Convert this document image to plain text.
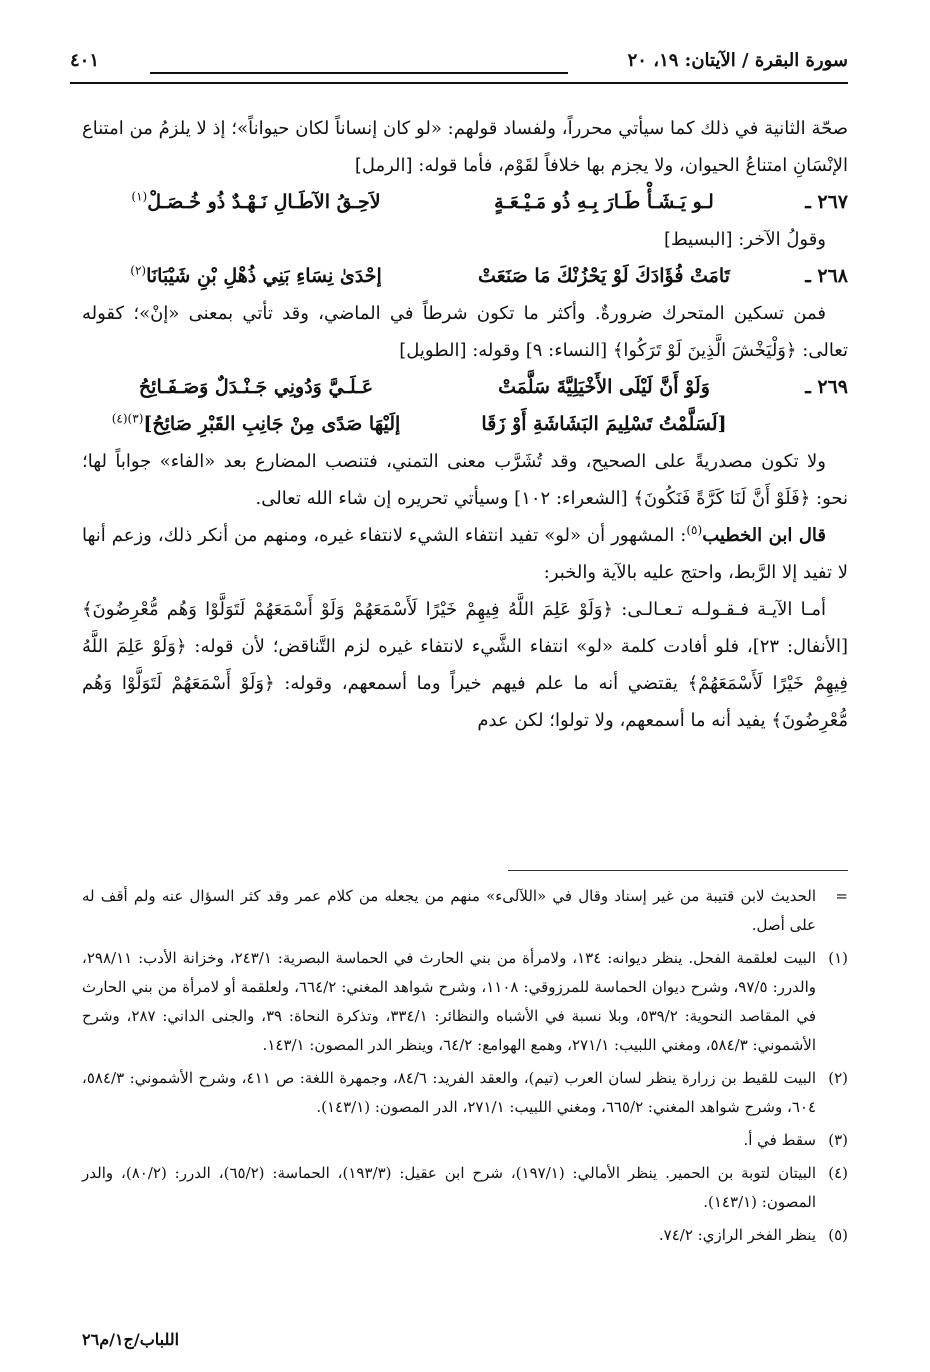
سورة البقرة / الآيتان: ١٩، ٢٠
٤٠١

صحّة الثانية في ذلك كما سيأتي محرراً، ولفساد قولهم: «لو كان إنساناً لكان حيواناً»؛ إذ لا يلزمُ من امتناع الإنْسَانِ امتناعُ الحيوان، ولا يجزم بها خلافاً لقَوْم، فأما قوله: [الرمل]

٢٦٧ ـ
لـو يَـشَـأْ طَـارَ بِـهِ ذُو مَـيْـعَـةٍ
لاَحِـقُ الآطَـالِ نَـهْـدٌ ذُو خُـصَـلْ$^{(١)}$

وقولُ الآخر: [البسيط]

٢٦٨ ـ
تَامَتْ فُؤَادَكَ لَوْ يَحْزُنْكَ مَا صَنَعَتْ
إحْدَىٰ نِسَاءِ بَنِي ذُهْلِ بْنِ شَيْبَانَا$^{(٢)}$

فمن تسكين المتحرك ضرورةٌ. وأكثر ما تكون شرطاً في الماضي، وقد تأتي بمعنى «إنْ»؛ كقوله تعالى: ﴿وَلْيَخْشَ الَّذِينَ لَوْ تَرَكُوا﴾ [النساء: ٩] وقوله: [الطويل]

٢٦٩ ـ
وَلَوْ أَنَّ لَيْلَى الأَخْيَلِيَّةَ سَلَّمَتْ
عَـلَـيَّ وَدُونِي جَـنْـدَلٌ وَصَـفَـائِحُ
[لَسَلَّمْتُ تَسْلِيمَ البَشَاشَةِ أَوْ زَقَا
إلَيْهَا صَدًى مِنْ جَانِبِ القَبْرِ صَائِحُ]$^{(٣)(٤)}$

ولا تكون مصدريةً على الصحيح، وقد تُشَرَّب معنى التمني، فتنصب المضارع بعد «الفاء» جواباً لها؛ نحو: ﴿فَلَوْ أَنَّ لَنَا كَرَّةً فَنَكُونَ﴾ [الشعراء: ١٠٢] وسيأتي تحريره إن شاء الله تعالى.

قال ابن الخطيب$^{(٥)}$: المشهور أن «لو» تفيد انتفاء الشيء لانتفاء غيره، ومنهم من أنكر ذلك، وزعم أنها لا تفيد إلا الرَّبط، واحتج عليه بالآية والخبر:

أمـا الآيـة فـقـولـه تـعـالـى: ﴿وَلَوْ عَلِمَ اللَّهُ فِيهِمْ خَيْرًا لَأَسْمَعَهُمْ وَلَوْ أَسْمَعَهُمْ لَتَوَلَّوْا وَهُم مُّعْرِضُونَ﴾ [الأنفال: ٢٣]، فلو أفادت كلمة «لو» انتفاء الشَّيء لانتفاء غيره لزم التَّناقض؛ لأن قوله: ﴿وَلَوْ عَلِمَ اللَّهُ فِيهِمْ خَيْرًا لَأَسْمَعَهُمْ﴾ يقتضي أنه ما علم فيهم خيراً وما أسمعهم، وقوله: ﴿وَلَوْ أَسْمَعَهُمْ لَتَوَلَّوْا وَهُم مُّعْرِضُونَ﴾ يفيد أنه ما أسمعهم، ولا تولوا؛ لكن عدم

=
الحديث لابن قتيبة من غير إسناد وقال في «اللآلىء» منهم من يجعله من كلام عمر وقد كثر السؤال عنه ولم أقف له على أصل.
(١)
البيت لعلقمة الفحل. ينظر ديوانه: ١٣٤، ولامرأة من بني الحارث في الحماسة البصرية: ٢٤٣/١، وخزانة الأدب: ٢٩٨/١١، والدرر: ٩٧/٥، وشرح ديوان الحماسة للمرزوقي: ١١٠٨، وشرح شواهد المغني: ٦٦٤/٢، ولعلقمة أو لامرأة من بني الحارث في المقاصد النحوية: ٥٣٩/٢، وبلا نسبة في الأشباه والنظائر: ٣٣٤/١، وتذكرة النحاة: ٣٩، والجنى الداني: ٢٨٧، وشرح الأشموني: ٥٨٤/٣، ومغني اللبيب: ٢٧١/١، وهمع الهوامع: ٦٤/٢، وينظر الدر المصون: ١٤٣/١.
(٢)
البيت للقيط بن زرارة ينظر لسان العرب (تيم)، والعقد الفريد: ٨٤/٦، وجمهرة اللغة: ص ٤١١، وشرح الأشموني: ٥٨٤/٣، ٦٠٤، وشرح شواهد المغني: ٦٦٥/٢، ومغني اللبيب: ٢٧١/١، الدر المصون: (١٤٣/١).
(٣)
سقط في أ.
(٤)
البيتان لتوبة بن الحمير. ينظر الأمالي: (١٩٧/١)، شرح ابن عقيل: (١٩٣/٣)، الحماسة: (٦٥/٢)، الدرر: (٨٠/٢)، والدر المصون: (١٤٣/١).
(٥)
ينظر الفخر الرازي: ٧٤/٢.
اللباب/ج١/م٢٦
